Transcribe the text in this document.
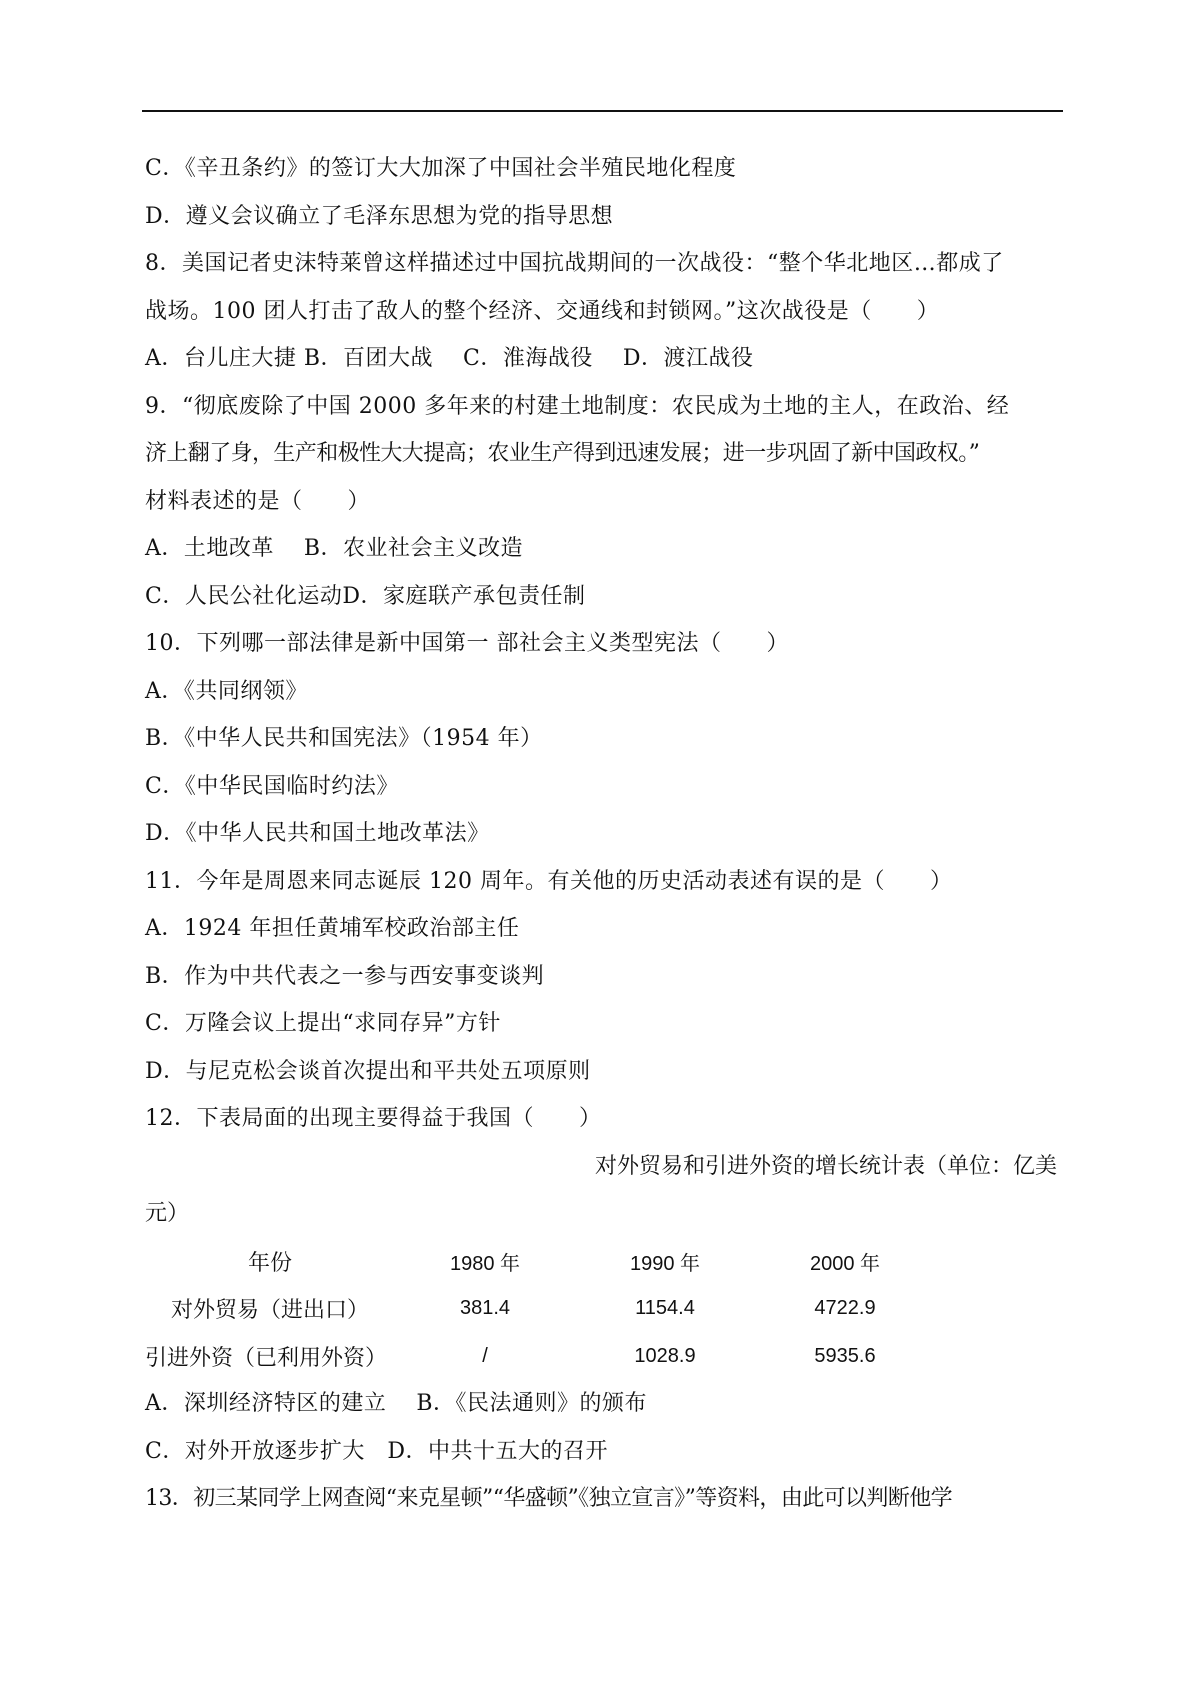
C．《辛丑条约》的签订大大加深了中国社会半殖民地化程度
D．遵义会议确立了毛泽东思想为党的指导思想
8．美国记者史沫特莱曾这样描述过中国抗战期间的一次战役：“整个华北地区…都成了
战场。100 团人打击了敌人的整个经济、交通线和封锁网。”这次战役是（　　）
A．台儿庄大捷 B．百团大战　 C．淮海战役　 D．渡江战役
9．“彻底废除了中国 2000 多年来的村建土地制度：农民成为土地的主人，在政治、经
济上翻了身，生产和极性大大提高；农业生产得到迅速发展；进一步巩固了新中国政权。”
材料表述的是（　　）
A．土地改革　 B．农业社会主义改造
C．人民公社化运动D．家庭联产承包责任制
10．下列哪一部法律是新中国第一 部社会主义类型宪法（　　）
A．《共同纲领》
B．《中华人民共和国宪法》（1954 年）
C．《中华民国临时约法》
D．《中华人民共和国土地改革法》
11．今年是周恩来同志诞辰 120 周年。有关他的历史活动表述有误的是（　　）
A．1924 年担任黄埔军校政治部主任
B．作为中共代表之一参与西安事变谈判
C．万隆会议上提出“求同存异”方针
D．与尼克松会谈首次提出和平共处五项原则
12．下表局面的出现主要得益于我国（　　）
对外贸易和引进外资的增长统计表（单位：亿美
元）
年份	1980 年	1990 年	2000 年
对外贸易（进出口）	381.4	1154.4	4722.9
引进外资（已利用外资）	/	1028.9	5935.6
A．深圳经济特区的建立　 B．《民法通则》的颁布
C．对外开放逐步扩大　D．中共十五大的召开
13．初三某同学上网查阅“来克星顿”“华盛顿”《独立宣言》”等资料，由此可以判断他学
